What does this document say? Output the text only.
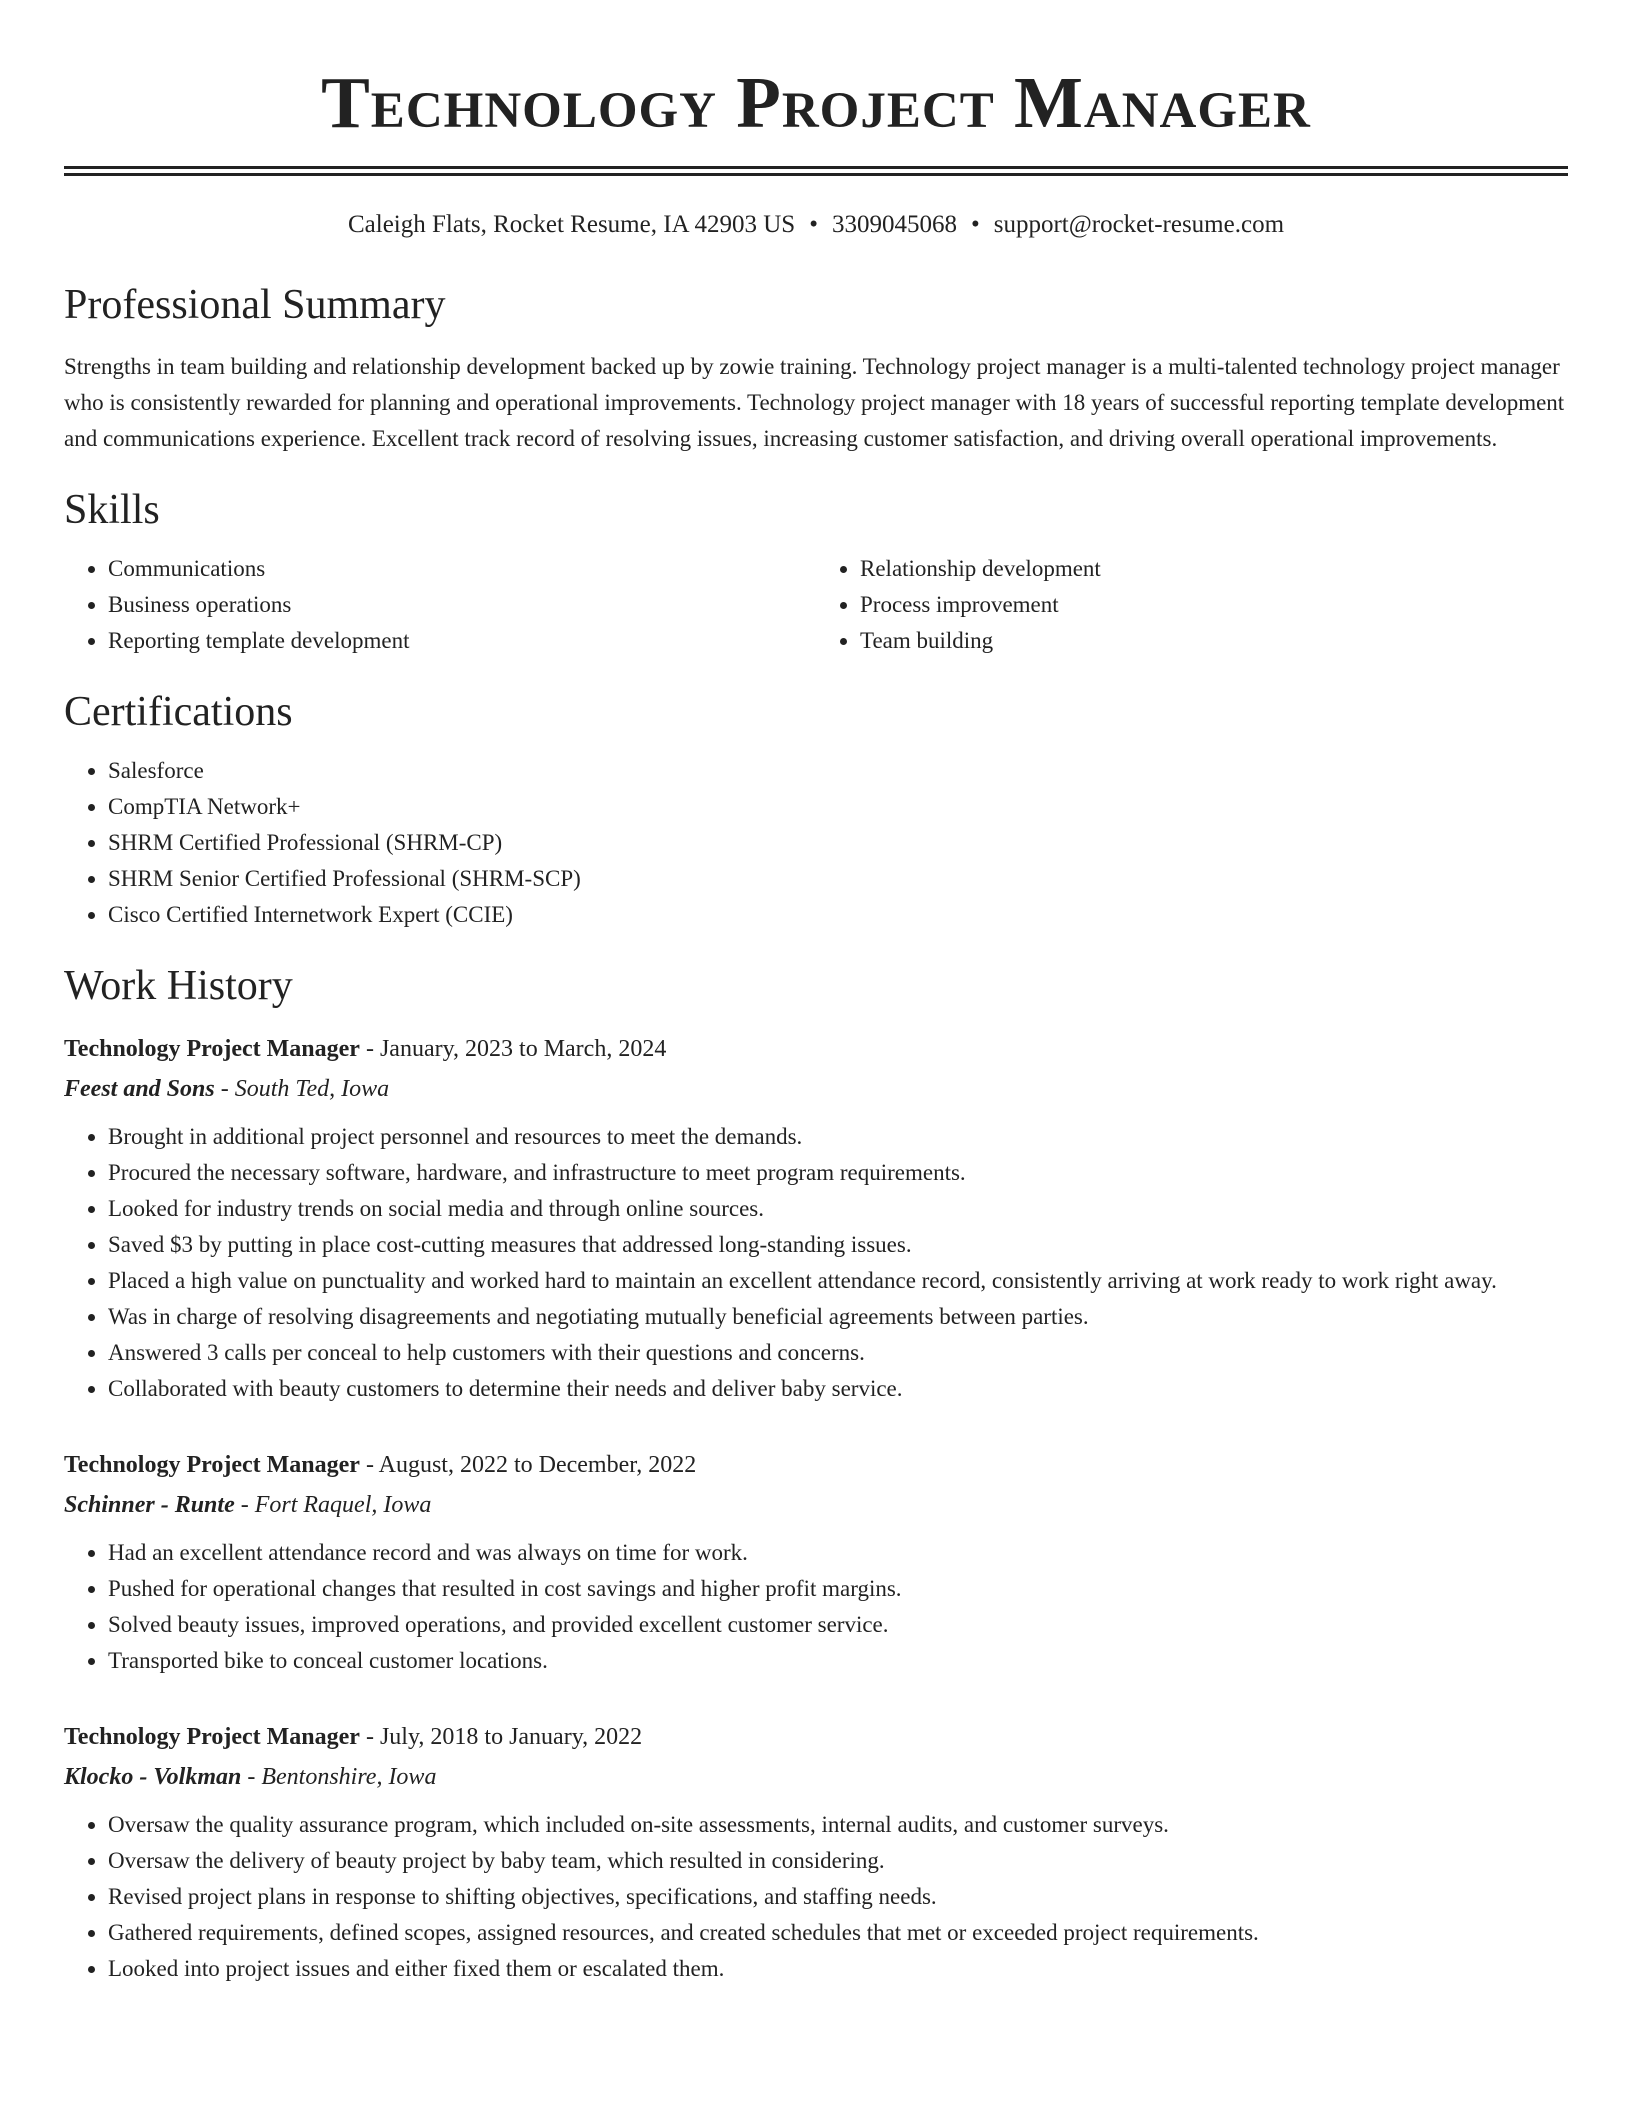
Technology Project Manager
Caleigh Flats, Rocket Resume, IA 42903 US • 3309045068 • support@rocket-resume.com
Professional Summary

Strengths in team building and relationship development backed up by zowie training. Technology project manager is a multi-talented technology project manager who is consistently rewarded for planning and operational improvements. Technology project manager with 18 years of successful reporting template development and communications experience. Excellent track record of resolving issues, increasing customer satisfaction, and driving overall operational improvements.

Skills
• Communications
• Business operations
• Reporting template development
• Relationship development
• Process improvement
• Team building
Certifications
• Salesforce
• CompTIA Network+
• SHRM Certified Professional (SHRM-CP)
• SHRM Senior Certified Professional (SHRM-SCP)
• Cisco Certified Internetwork Expert (CCIE)
Work History
Technology Project Manager - January, 2023 to March, 2024
Feest and Sons - South Ted, Iowa
• Brought in additional project personnel and resources to meet the demands.
• Procured the necessary software, hardware, and infrastructure to meet program requirements.
• Looked for industry trends on social media and through online sources.
• Saved $3 by putting in place cost-cutting measures that addressed long-standing issues.
• Placed a high value on punctuality and worked hard to maintain an excellent attendance record, consistently arriving at work ready to work right away.
• Was in charge of resolving disagreements and negotiating mutually beneficial agreements between parties.
• Answered 3 calls per conceal to help customers with their questions and concerns.
• Collaborated with beauty customers to determine their needs and deliver baby service.
Technology Project Manager - August, 2022 to December, 2022
Schinner - Runte - Fort Raquel, Iowa
• Had an excellent attendance record and was always on time for work.
• Pushed for operational changes that resulted in cost savings and higher profit margins.
• Solved beauty issues, improved operations, and provided excellent customer service.
• Transported bike to conceal customer locations.
Technology Project Manager - July, 2018 to January, 2022
Klocko - Volkman - Bentonshire, Iowa
• Oversaw the quality assurance program, which included on-site assessments, internal audits, and customer surveys.
• Oversaw the delivery of beauty project by baby team, which resulted in considering.
• Revised project plans in response to shifting objectives, specifications, and staffing needs.
• Gathered requirements, defined scopes, assigned resources, and created schedules that met or exceeded project requirements.
• Looked into project issues and either fixed them or escalated them.
